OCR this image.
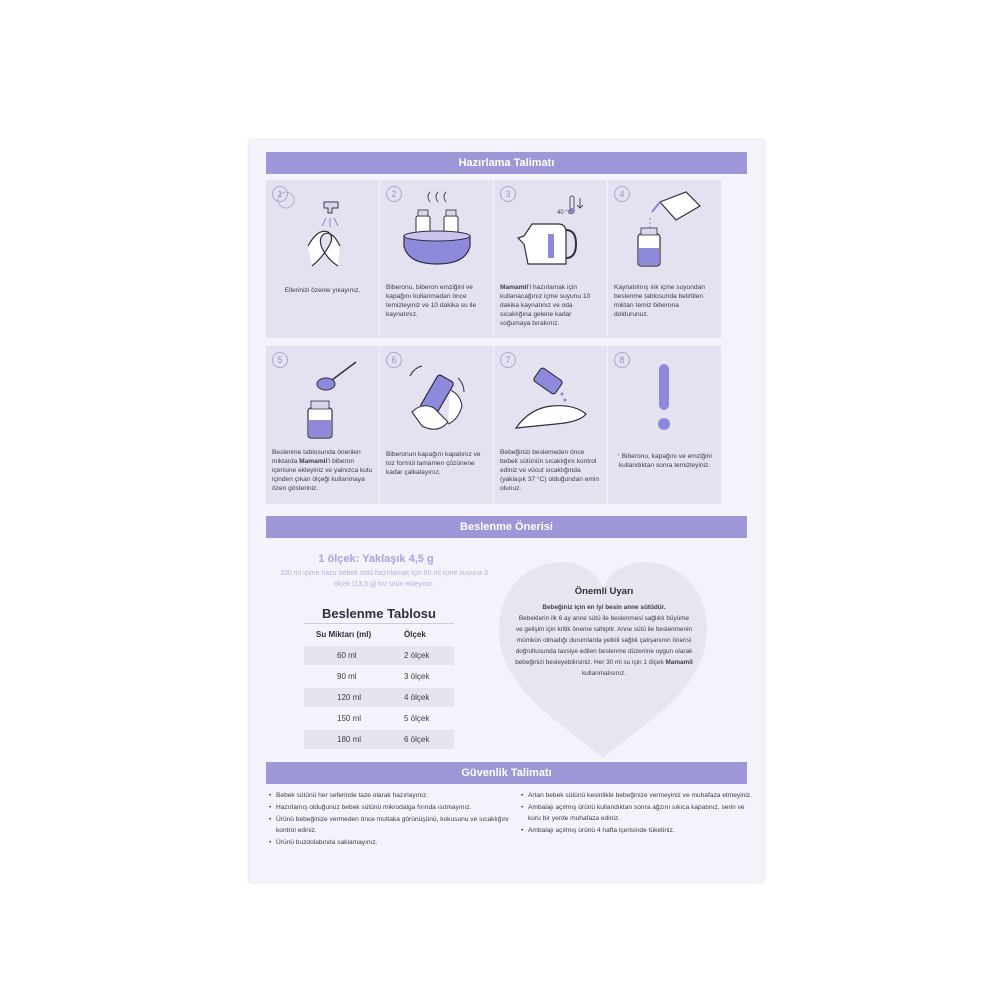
Hazırlama Talimatı
1
Ellerinizi özenle yıkayınız.
2
Biberonu, biberon emziğini ve kapağını kullanmadan önce temizleyiniz ve 10 dakika su ile kaynatınız.
40 °C
3
Mamamil’i hazırlamak için kullanacağınız içme suyunu 10 dakika kaynatınız ve oda sıcaklığına gelene kadar soğumaya bırakınız.
4
Kaynatılmış ılık içme suyundan beslenme tablosunda belirtilen miktarı temiz biberona doldurunuz.
5
Beslenme tablosunda önerilen miktarda Mamamil’i biberon içerisine ekleyiniz ve yalnızca kutu içinden çıkan ölçeği kullanmaya özen gösteriniz.
6
Biberonun kapağını kapatınız ve toz formül tamamen çözünene kadar çalkalayınız.
7
Bebeğinizi beslemeden önce bebek sütünün sıcaklığını kontrol ediniz ve vücut sıcaklığında (yaklaşık 37 °C) olduğundan emin olunuz.
8
* Biberonu, kapağını ve emziğini kullandıktan sonra temizleyiniz.
Beslenme Önerisi
1 ölçek: Yaklaşık 4,5 g
100 ml içime hazır bebek sütü hazırlamak için 90 ml içme suyuna 3 ölçek (13,5 g) toz ürün ekleyiniz.
Beslenme Tablosu
Su Miktarı (ml)	Ölçek
60 ml	2 ölçek
90 ml	3 ölçek
120 ml	4 ölçek
150 ml	5 ölçek
180 ml	6 ölçek
Önemli Uyarı
Bebeğiniz için en iyi besin anne sütüdür.
Bebeklerin ilk 6 ay anne sütü ile beslenmesi sağlıklı büyüme ve gelişim için kritik öneme sahiptir. Anne sütü ile beslenmenin mümkün olmadığı durumlarda yetkili sağlık çalışanının önerisi doğrultusunda tavsiye edilen beslenme düzenine uygun olarak bebeğinizi besleyebilirsiniz. Her 30 ml su için 1 ölçek Mamamil kullanmalısınız.
Güvenlik Talimatı
• Bebek sütünü her seferinde taze olarak hazırlayınız.
• Hazırlamış olduğunuz bebek sütünü mikrodalga fırında ısıtmayınız.
• Ürünü bebeğinize vermeden önce mutlaka görünüşünü, kokusunu ve sıcaklığını kontrol ediniz.
• Ürünü buzdolabında saklamayınız.
• Artan bebek sütünü kesinlikle bebeğinize vermeyiniz ve muhafaza etmeyiniz.
• Ambalajı açılmış ürünü kullandıktan sonra ağzını sıkıca kapatınız, serin ve kuru bir yerde muhafaza ediniz.
• Ambalajı açılmış ürünü 4 hafta içerisinde tüketiniz.
